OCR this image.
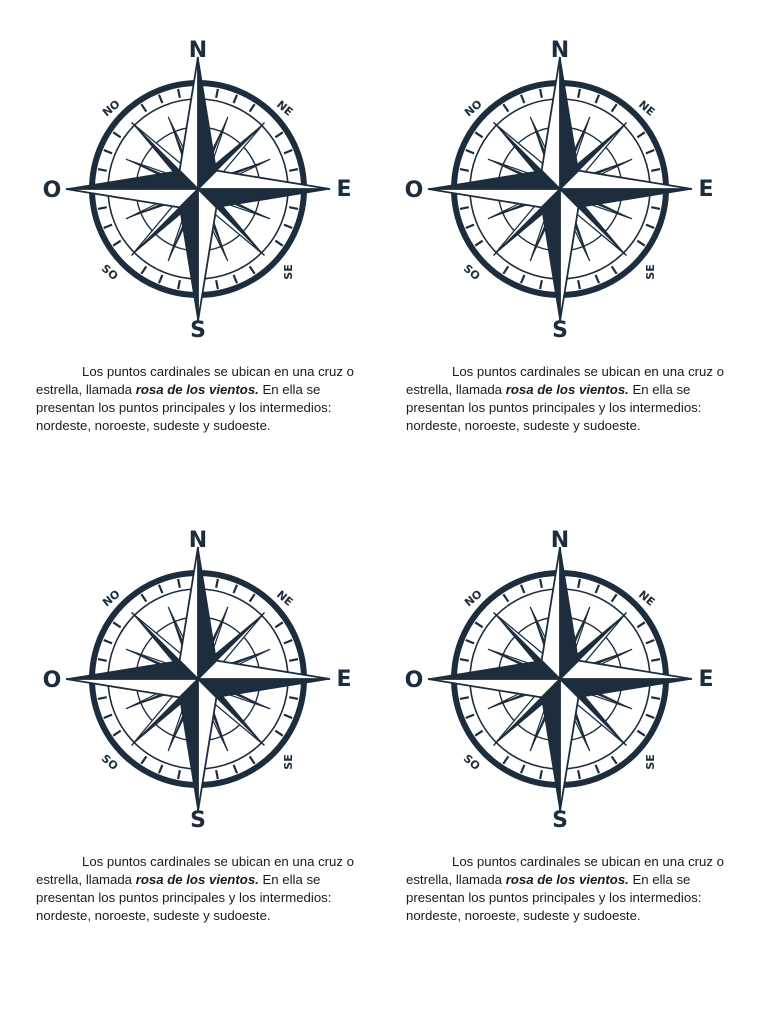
N
S
E
O
NE
NO
SE
SO

Los puntos cardinales se ubican en una cruz o estrella, llamada rosa de los vientos. En ella se presentan los puntos principales y los intermedios: nordeste, noroeste, sudeste y sudoeste.

N
S
E
O
NE
NO
SE
SO

Los puntos cardinales se ubican en una cruz o estrella, llamada rosa de los vientos. En ella se presentan los puntos principales y los intermedios: nordeste, noroeste, sudeste y sudoeste.

N
S
E
O
NE
NO
SE
SO

Los puntos cardinales se ubican en una cruz o estrella, llamada rosa de los vientos. En ella se presentan los puntos principales y los intermedios: nordeste, noroeste, sudeste y sudoeste.

N
S
E
O
NE
NO
SE
SO

Los puntos cardinales se ubican en una cruz o estrella, llamada rosa de los vientos. En ella se presentan los puntos principales y los intermedios: nordeste, noroeste, sudeste y sudoeste.
